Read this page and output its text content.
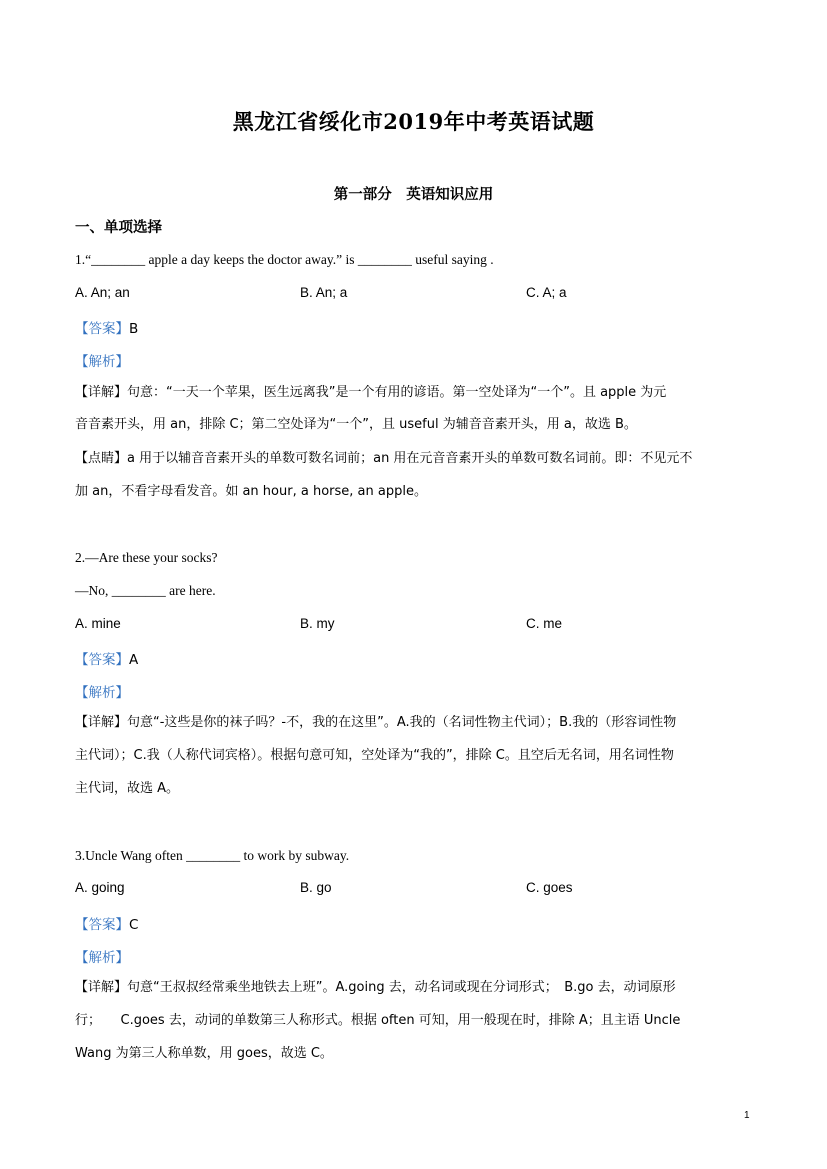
黑龙江省绥化市2019年中考英语试题
第一部分　英语知识应用
一、单项选择
1.“________ apple a day keeps the doctor away.” is ________ useful saying .
A. An; an	B. An; a	C. A; a
【答案】B
【解析】
【详解】句意：“一天一个苹果，医生远离我”是一个有用的谚语。第一空处译为“一个”。且 apple 为元
音音素开头，用 an，排除 C；第二空处译为“一个”，且 useful 为辅音音素开头，用 a，故选 B。
【点睛】a 用于以辅音音素开头的单数可数名词前；an 用在元音音素开头的单数可数名词前。即：不见元不
加 an，不看字母看发音。如 an hour, a horse, an apple。
2.—Are these your socks?
—No, ________ are here.
A. mine	B. my	C. me
【答案】A
【解析】
【详解】句意“-这些是你的袜子吗？-不，我的在这里”。A.我的（名词性物主代词）；B.我的（形容词性物
主代词）；C.我（人称代词宾格）。根据句意可知，空处译为“我的”，排除 C。且空后无名词，用名词性物
主代词，故选 A。
3.Uncle Wang often ________ to work by subway.
A. going	B. go	C. goes
【答案】C
【解析】
【详解】句意“王叔叔经常乘坐地铁去上班”。A.going 去，动名词或现在分词形式；　B.go 去，动词原形
行；　　C.goes 去，动词的单数第三人称形式。根据 often 可知，用一般现在时，排除 A；且主语 Uncle
Wang 为第三人称单数，用 goes，故选 C。
1
